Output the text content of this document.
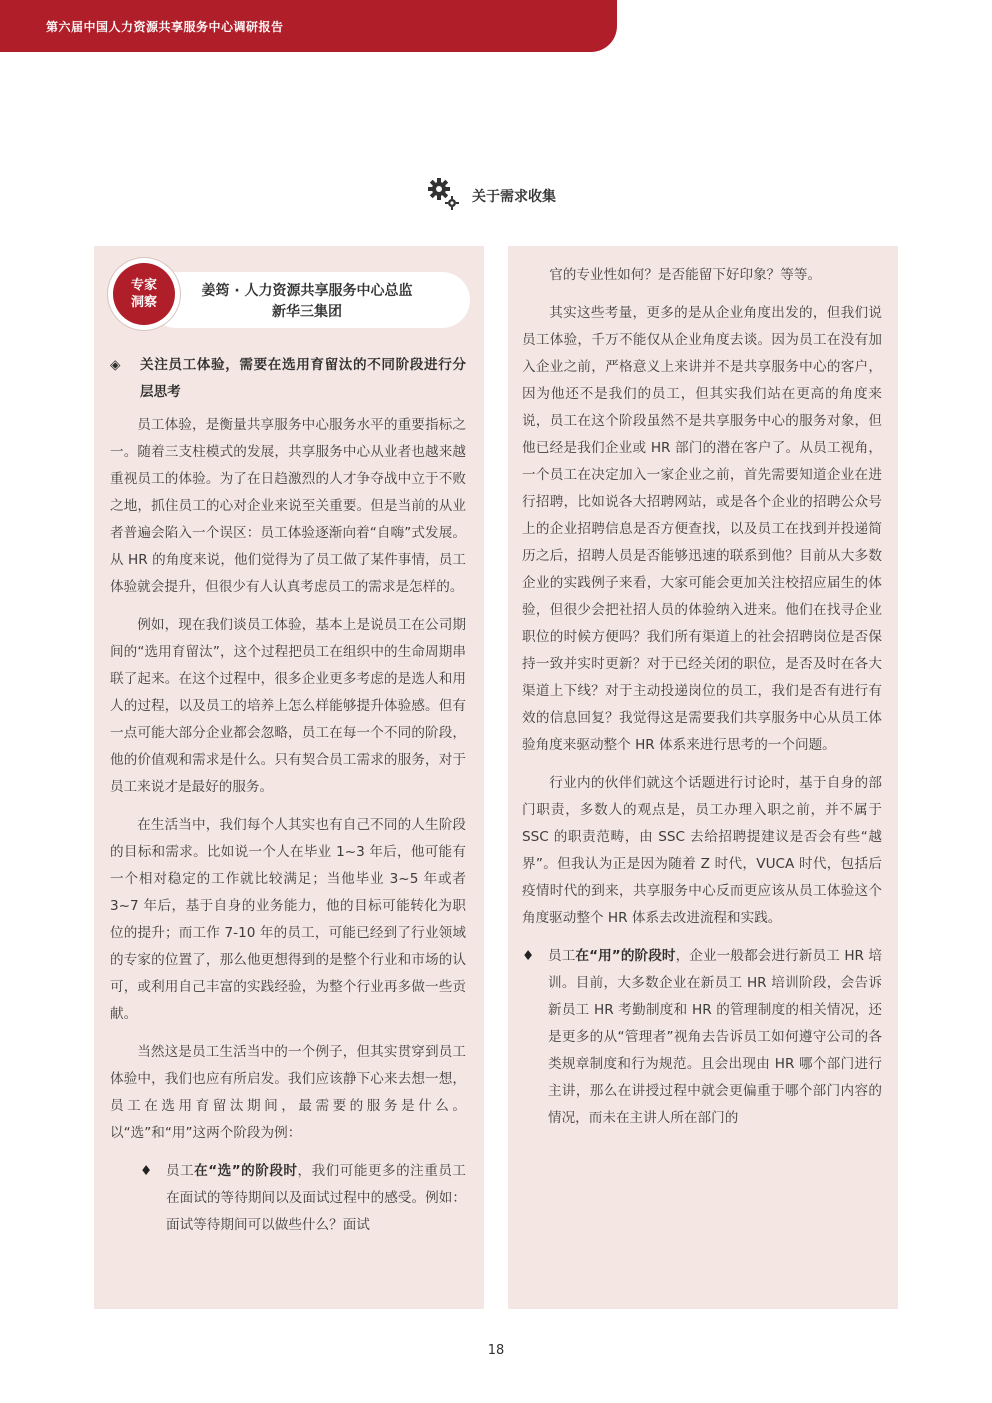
第六届中国人力资源共享服务中心调研报告
关于需求收集
姜筠 · 人力资源共享服务中心总监
新华三集团
专家
洞察
◈ 关注员工体验，需要在选用育留汰的不同阶段进行分层思考

员工体验，是衡量共享服务中心服务水平的重要指标之一。随着三支柱模式的发展，共享服务中心从业者也越来越重视员工的体验。为了在日趋激烈的人才争夺战中立于不败之地，抓住员工的心对企业来说至关重要。但是当前的从业者普遍会陷入一个误区：员工体验逐渐向着“自嗨”式发展。从 HR 的角度来说，他们觉得为了员工做了某件事情，员工体验就会提升，但很少有人认真考虑员工的需求是怎样的。

例如，现在我们谈员工体验，基本上是说员工在公司期间的“选用育留汰”，这个过程把员工在组织中的生命周期串联了起来。在这个过程中，很多企业更多考虑的是选人和用人的过程，以及员工的培养上怎么样能够提升体验感。但有一点可能大部分企业都会忽略，员工在每一个不同的阶段，他的价值观和需求是什么。只有契合员工需求的服务，对于员工来说才是最好的服务。

在生活当中，我们每个人其实也有自己不同的人生阶段的目标和需求。比如说一个人在毕业 1~3 年后，他可能有一个相对稳定的工作就比较满足；当他毕业 3~5 年或者 3~7 年后，基于自身的业务能力，他的目标可能转化为职位的提升；而工作 7-10 年的员工，可能已经到了行业领域的专家的位置了，那么他更想得到的是整个行业和市场的认可，或利用自己丰富的实践经验，为整个行业再多做一些贡献。

当然这是员工生活当中的一个例子，但其实贯穿到员工体验中，我们也应有所启发。我们应该静下心来去想一想，员工在选用育留汰期间，最需要的服务是什么。以“选”和“用”这两个阶段为例：

♦ 员工在“选”的阶段时，我们可能更多的注重员工在面试的等待期间以及面试过程中的感受。例如：面试等待期间可以做些什么？面试

官的专业性如何？是否能留下好印象？等等。

其实这些考量，更多的是从企业角度出发的，但我们说员工体验，千万不能仅从企业角度去谈。因为员工在没有加入企业之前，严格意义上来讲并不是共享服务中心的客户，因为他还不是我们的员工，但其实我们站在更高的角度来说，员工在这个阶段虽然不是共享服务中心的服务对象，但他已经是我们企业或 HR 部门的潜在客户了。从员工视角，一个员工在决定加入一家企业之前，首先需要知道企业在进行招聘，比如说各大招聘网站，或是各个企业的招聘公众号上的企业招聘信息是否方便查找，以及员工在找到并投递简历之后，招聘人员是否能够迅速的联系到他？目前从大多数企业的实践例子来看，大家可能会更加关注校招应届生的体验，但很少会把社招人员的体验纳入进来。他们在找寻企业职位的时候方便吗？我们所有渠道上的社会招聘岗位是否保持一致并实时更新？对于已经关闭的职位，是否及时在各大渠道上下线？对于主动投递岗位的员工，我们是否有进行有效的信息回复？我觉得这是需要我们共享服务中心从员工体验角度来驱动整个 HR 体系来进行思考的一个问题。

行业内的伙伴们就这个话题进行讨论时，基于自身的部门职责，多数人的观点是，员工办理入职之前，并不属于 SSC 的职责范畴，由 SSC 去给招聘提建议是否会有些“越界”。但我认为正是因为随着 Z 时代，VUCA 时代，包括后疫情时代的到来，共享服务中心反而更应该从员工体验这个角度驱动整个 HR 体系去改进流程和实践。

♦ 员工在“用”的阶段时，企业一般都会进行新员工 HR 培训。目前，大多数企业在新员工 HR 培训阶段，会告诉新员工 HR 考勤制度和 HR 的管理制度的相关情况，还是更多的从“管理者”视角去告诉员工如何遵守公司的各类规章制度和行为规范。且会出现由 HR 哪个部门进行主讲，那么在讲授过程中就会更偏重于哪个部门内容的情况，而未在主讲人所在部门的

18
